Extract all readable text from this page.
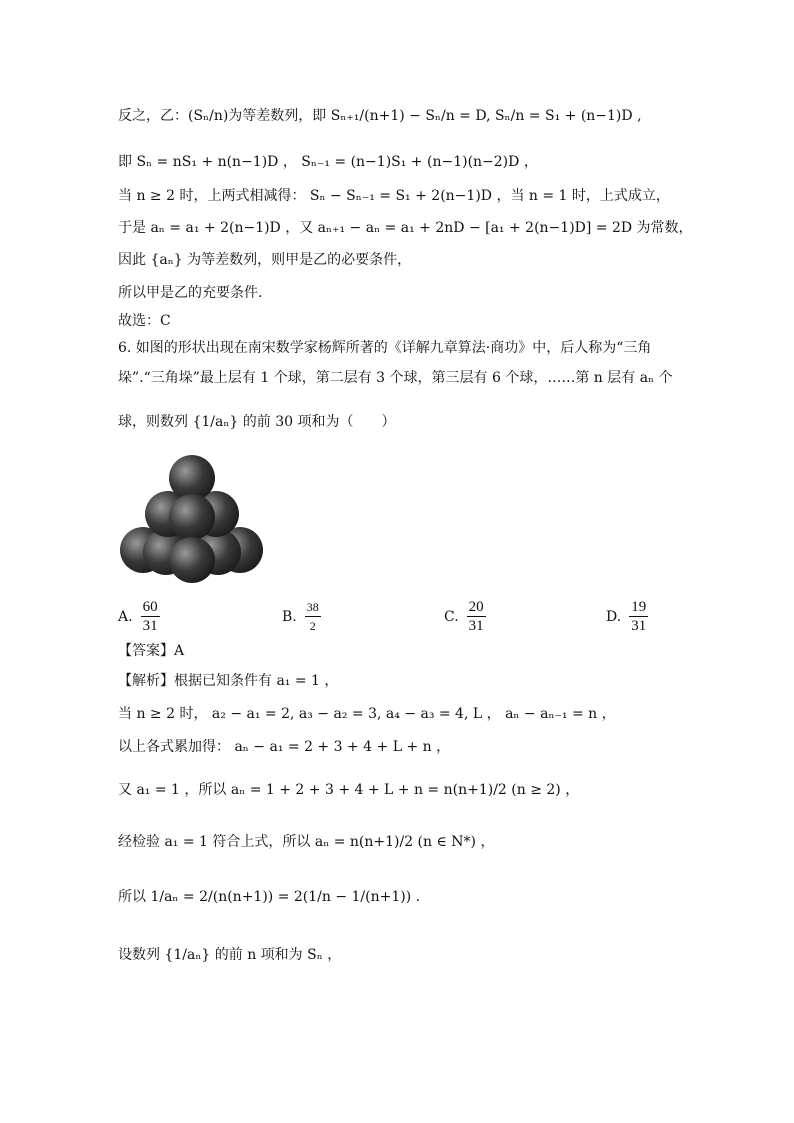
反之，乙：(Sₙ/n)为等差数列，即 Sₙ₊₁/(n+1) − Sₙ/n = D, Sₙ/n = S₁ + (n−1)D ,
即 Sₙ = nS₁ + n(n−1)D ， Sₙ₋₁ = (n−1)S₁ + (n−1)(n−2)D ，
当 n ≥ 2 时，上两式相减得： Sₙ − Sₙ₋₁ = S₁ + 2(n−1)D ，当 n = 1 时，上式成立，
于是 aₙ = a₁ + 2(n−1)D ，又 aₙ₊₁ − aₙ = a₁ + 2nD − [a₁ + 2(n−1)D] = 2D 为常数，
因此 {aₙ} 为等差数列，则甲是乙的必要条件，
所以甲是乙的充要条件.
故选：C
6. 如图的形状出现在南宋数学家杨辉所著的《详解九章算法·商功》中，后人称为“三角
垛”.“三角垛”最上层有 1 个球，第二层有 3 个球，第三层有 6 个球，……第 n 层有 aₙ 个
球，则数列 {1/aₙ} 的前 30 项和为（　　）
A. $\frac{60}{31}$	B. $\frac{38}{2}$	C. $\frac{20}{31}$	D. $\frac{19}{31}$
【答案】A
【解析】根据已知条件有 a₁ = 1 ，
当 n ≥ 2 时， a₂ − a₁ = 2, a₃ − a₂ = 3, a₄ − a₃ = 4, L ， aₙ − aₙ₋₁ = n ，
以上各式累加得： aₙ − a₁ = 2 + 3 + 4 + L + n ，
又 a₁ = 1 ，所以 aₙ = 1 + 2 + 3 + 4 + L + n = n(n+1)/2 (n ≥ 2) ，
经检验 a₁ = 1 符合上式，所以 aₙ = n(n+1)/2 (n ∈ N*) ，
所以 1/aₙ = 2/(n(n+1)) = 2(1/n − 1/(n+1)) .
设数列 {1/aₙ} 的前 n 项和为 Sₙ ，
